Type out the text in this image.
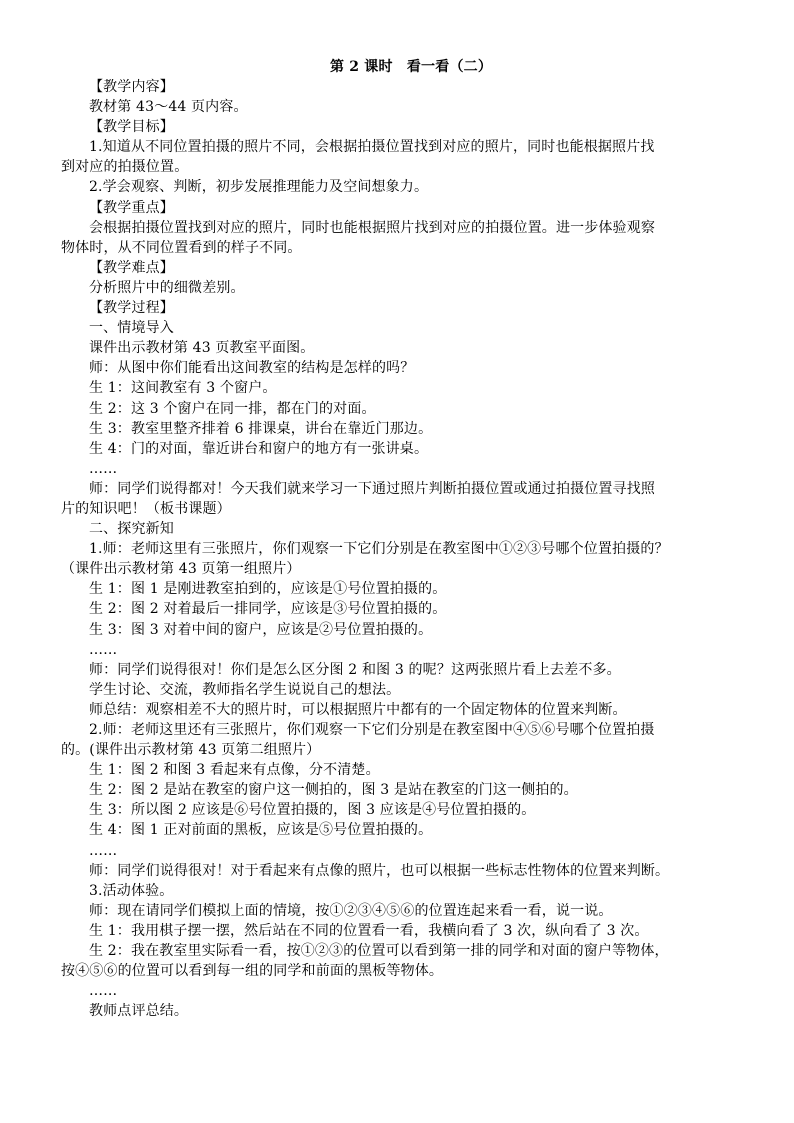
第 2 课时　看一看（二）
【教学内容】
教材第 43～44 页内容。
【教学目标】
1.知道从不同位置拍摄的照片不同，会根据拍摄位置找到对应的照片，同时也能根据照片找
到对应的拍摄位置。
2.学会观察、判断，初步发展推理能力及空间想象力。
【教学重点】
会根据拍摄位置找到对应的照片，同时也能根据照片找到对应的拍摄位置。进一步体验观察
物体时，从不同位置看到的样子不同。
【教学难点】
分析照片中的细微差别。
【教学过程】
一、情境导入
课件出示教材第 43 页教室平面图。
师：从图中你们能看出这间教室的结构是怎样的吗？
生 1：这间教室有 3 个窗户。
生 2：这 3 个窗户在同一排，都在门的对面。
生 3：教室里整齐排着 6 排课桌，讲台在靠近门那边。
生 4：门的对面，靠近讲台和窗户的地方有一张讲桌。
……
师：同学们说得都对！今天我们就来学习一下通过照片判断拍摄位置或通过拍摄位置寻找照
片的知识吧！（板书课题）
二、探究新知
1.师：老师这里有三张照片，你们观察一下它们分别是在教室图中①②③号哪个位置拍摄的？
（课件出示教材第 43 页第一组照片）
生 1：图 1 是刚进教室拍到的，应该是①号位置拍摄的。
生 2：图 2 对着最后一排同学，应该是③号位置拍摄的。
生 3：图 3 对着中间的窗户，应该是②号位置拍摄的。
……
师：同学们说得很对！你们是怎么区分图 2 和图 3 的呢？这两张照片看上去差不多。
学生讨论、交流，教师指名学生说说自己的想法。
师总结：观察相差不大的照片时，可以根据照片中都有的一个固定物体的位置来判断。
2.师：老师这里还有三张照片，你们观察一下它们分别是在教室图中④⑤⑥号哪个位置拍摄
的。(课件出示教材第 43 页第二组照片）
生 1：图 2 和图 3 看起来有点像，分不清楚。
生 2：图 2 是站在教室的窗户这一侧拍的，图 3 是站在教室的门这一侧拍的。
生 3：所以图 2 应该是⑥号位置拍摄的，图 3 应该是④号位置拍摄的。
生 4：图 1 正对前面的黑板，应该是⑤号位置拍摄的。
……
师：同学们说得很对！对于看起来有点像的照片，也可以根据一些标志性物体的位置来判断。
3.活动体验。
师：现在请同学们模拟上面的情境，按①②③④⑤⑥的位置连起来看一看，说一说。
生 1：我用棋子摆一摆，然后站在不同的位置看一看，我横向看了 3 次，纵向看了 3 次。
生 2：我在教室里实际看一看，按①②③的位置可以看到第一排的同学和对面的窗户等物体，
按④⑤⑥的位置可以看到每一组的同学和前面的黑板等物体。
……
教师点评总结。
